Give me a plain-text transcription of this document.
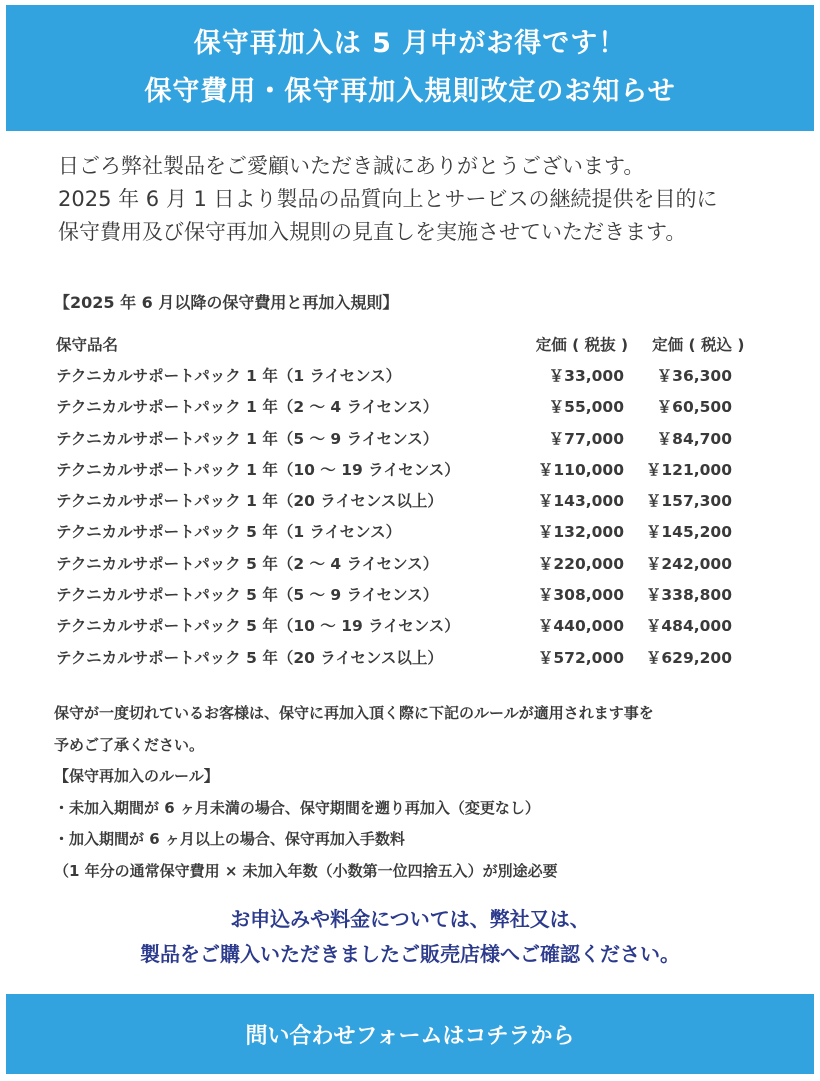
保守再加入は 5 月中がお得です！
保守費用・保守再加入規則改定のお知らせ
日ごろ弊社製品をご愛顧いただき誠にありがとうございます。
2025 年 6 月 1 日より製品の品質向上とサービスの継続提供を目的に
保守費用及び保守再加入規則の見直しを実施させていただきます。
【2025 年 6 月以降の保守費用と再加入規則】
保守品名	定価 ( 税抜 )	定価 ( 税込 )
テクニカルサポートパック 1 年（1 ライセンス）	￥33,000	￥36,300
テクニカルサポートパック 1 年（2 ～ 4 ライセンス）	￥55,000	￥60,500
テクニカルサポートパック 1 年（5 ～ 9 ライセンス）	￥77,000	￥84,700
テクニカルサポートパック 1 年（10 ～ 19 ライセンス）	￥110,000	￥121,000
テクニカルサポートパック 1 年（20 ライセンス以上）	￥143,000	￥157,300
テクニカルサポートパック 5 年（1 ライセンス）	￥132,000	￥145,200
テクニカルサポートパック 5 年（2 ～ 4 ライセンス）	￥220,000	￥242,000
テクニカルサポートパック 5 年（5 ～ 9 ライセンス）	￥308,000	￥338,800
テクニカルサポートパック 5 年（10 ～ 19 ライセンス）	￥440,000	￥484,000
テクニカルサポートパック 5 年（20 ライセンス以上）	￥572,000	￥629,200
保守が一度切れているお客様は、保守に再加入頂く際に下記のルールが適用されます事を
予めご了承ください。
【保守再加入のルール】
・未加入期間が 6 ヶ月未満の場合、保守期間を遡り再加入（変更なし）
・加入期間が 6 ヶ月以上の場合、保守再加入手数料
（1 年分の通常保守費用 × 未加入年数（小数第一位四捨五入）が別途必要
お申込みや料金については、弊社又は、
製品をご購入いただきましたご販売店様へご確認ください。
問い合わせフォームはコチラから
